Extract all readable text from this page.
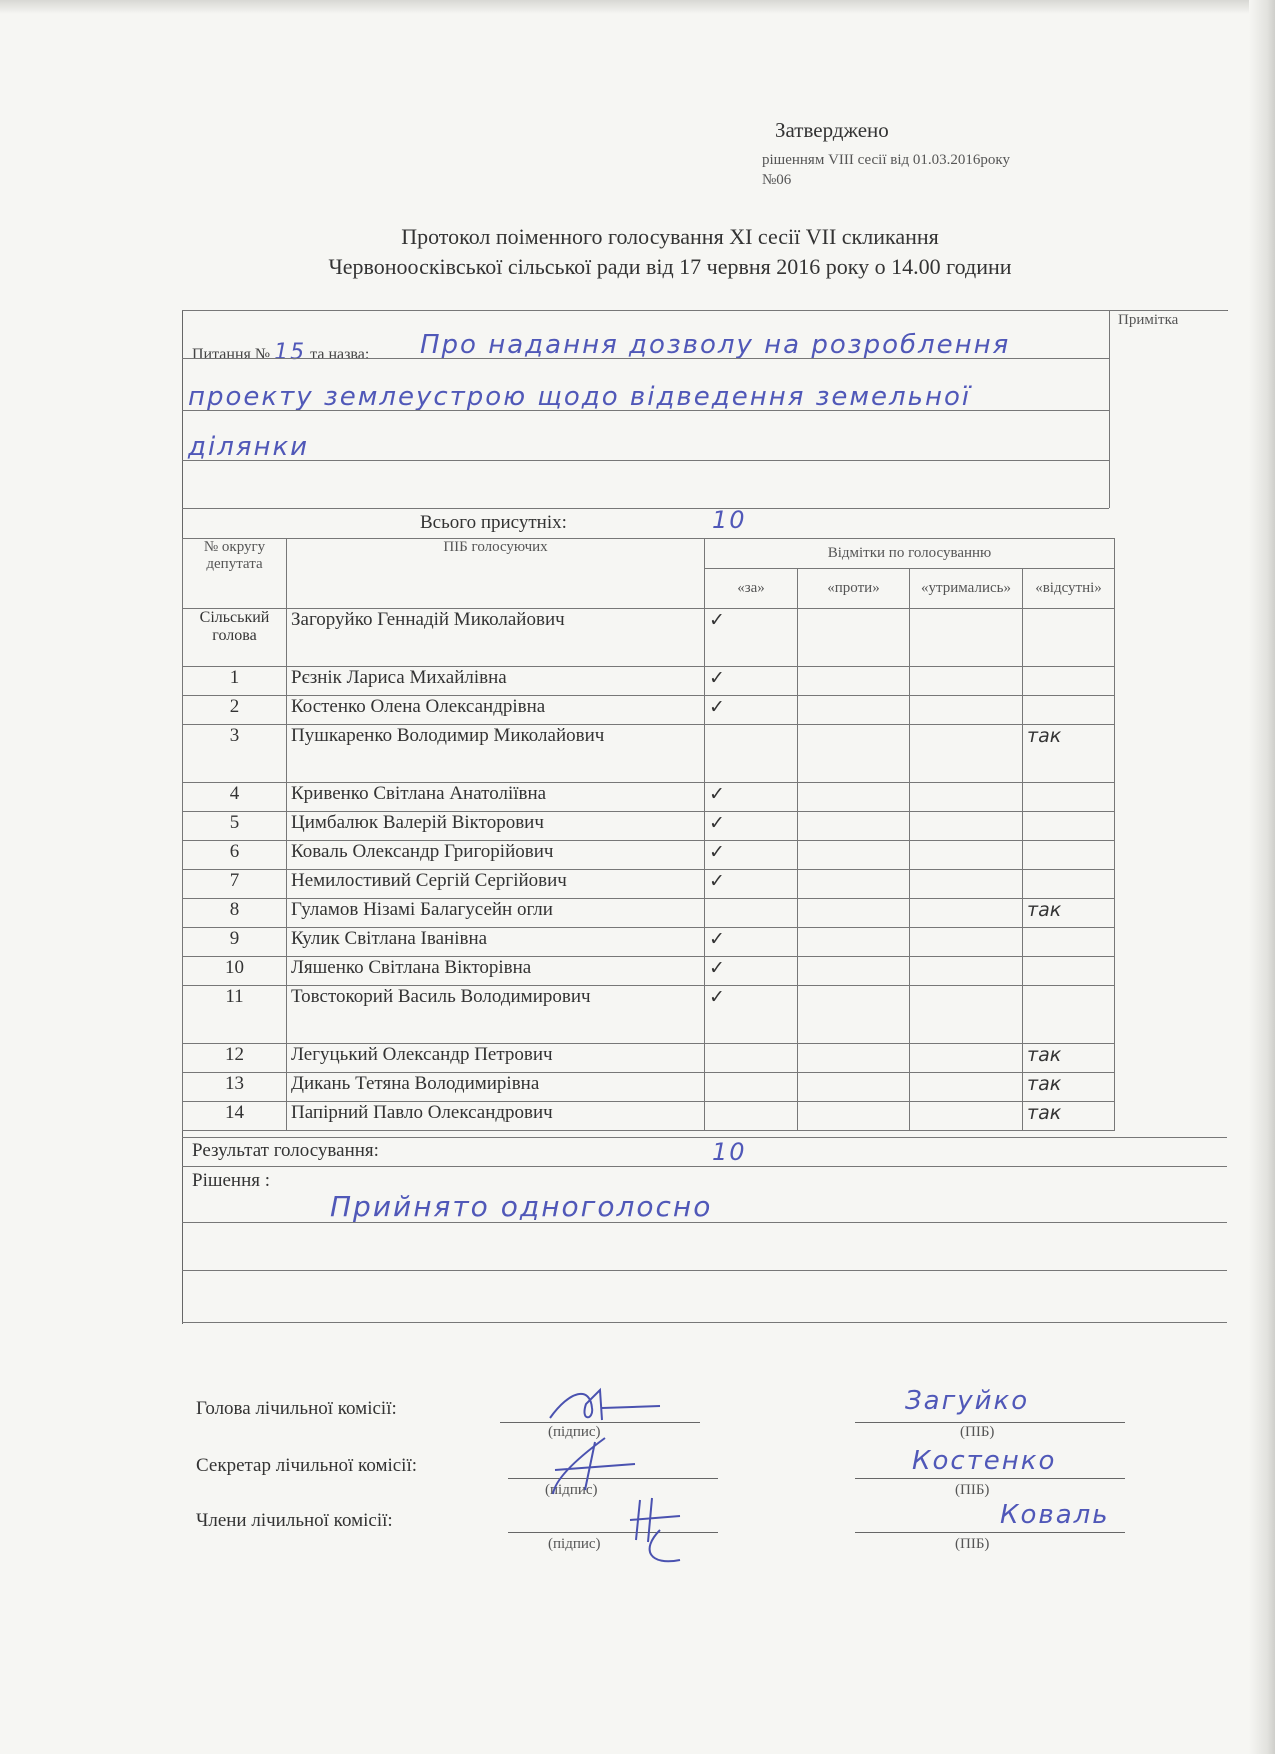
Затверджено
рішенням VIII сесії від 01.03.2016року
№06
Протокол поіменного голосування XI сесії VII скликання
Червоноосківської сільської ради від 17 червня 2016 року о 14.00 години
Примітка
Питання № 15 та назва: Про надання дозволу на розроблення
проекту землеустрою щодо відведення земельної
ділянки
Всього присутніх:	10
№ округу депутата	ПІБ голосуючих	Відмітки по голосуванню			
		«за»	«проти»	«утримались»	«відсутні»
Сільський голова	Загоруйко Геннадій Миколайович	✓			
1	Рєзнік Лариса Михайлівна	✓			
2	Костенко Олена Олександрівна	✓			
3	Пушкаренко Володимир Миколайович				так
4	Кривенко Світлана Анатоліївна	✓			
5	Цимбалюк Валерій Вікторович	✓			
6	Коваль Олександр Григорійович	✓			
7	Немилостивий Сергій Сергійович	✓			
8	Гуламов Нізамі Балагусейн огли				так
9	Кулик Світлана Іванівна	✓			
10	Ляшенко Світлана Вікторівна	✓			
11	Товстокорий Василь Володимирович	✓			
12	Легуцький Олександр Петрович				так
13	Дикань Тетяна Володимирівна				так
14	Папірний Павло Олександрович				так
Результат голосування:	10
Рішення :
Прийнято одноголосно
Голова лічильної комісії:
(підпис)	(ПІБ)
Загуйко
Секретар лічильної комісії:
(підпис)	(ПІБ)
Костенко
Члени лічильної комісії:
(підпис)	(ПІБ)
Коваль
